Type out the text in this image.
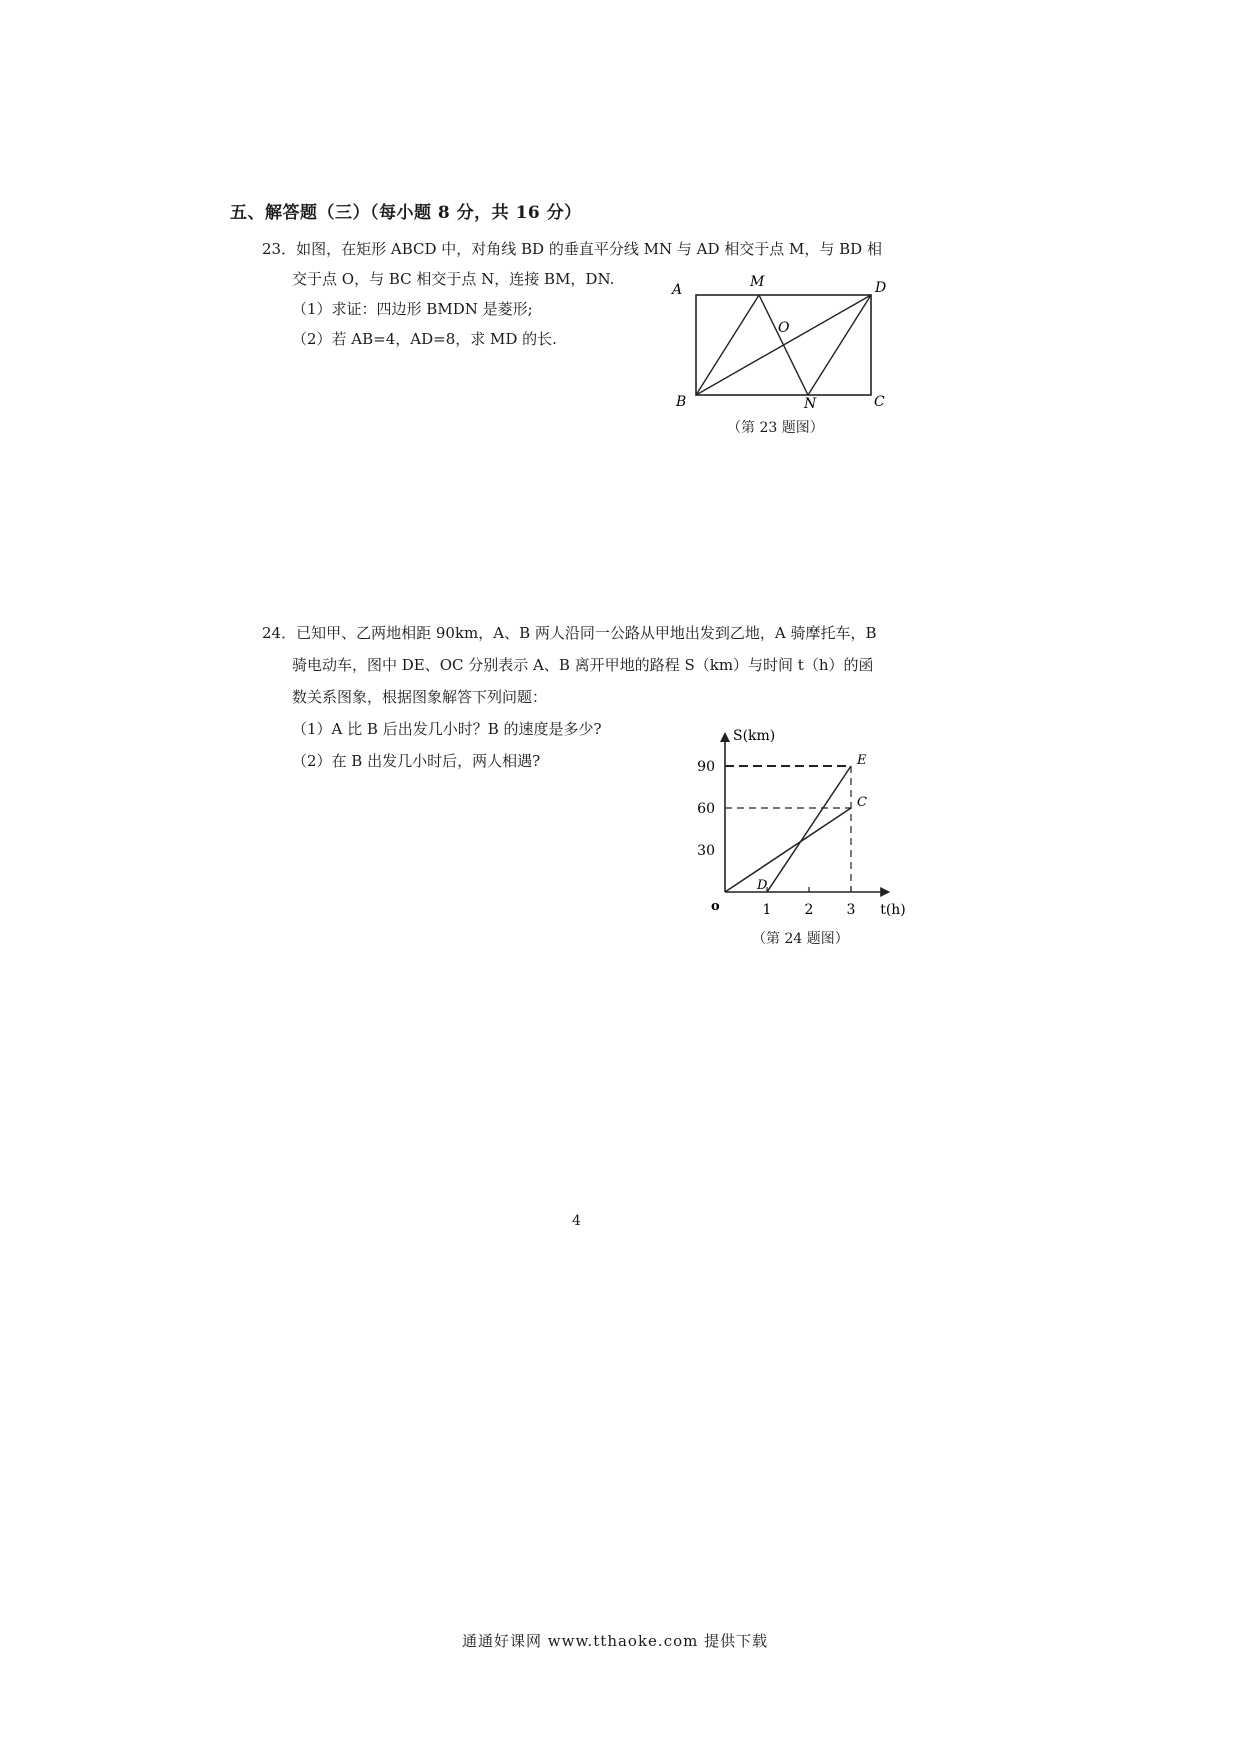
五、解答题（三）（每小题 8 分，共 16 分）
23．如图，在矩形 ABCD 中，对角线 BD 的垂直平分线 MN 与 AD 相交于点 M，与 BD 相
交于点 O，与 BC 相交于点 N，连接 BM，DN.
（1）求证：四边形 BMDN 是菱形;
（2）若 AB=4，AD=8，求 MD 的长.
A	M	D
O
B	N	C
（第 23 题图）
24．已知甲、乙两地相距 90km，A、B 两人沿同一公路从甲地出发到乙地，A 骑摩托车，B
骑电动车，图中 DE、OC 分别表示 A、B 离开甲地的路程 S（km）与时间 t（h）的函
数关系图象，根据图象解答下列问题：
（1）A 比 B 后出发几小时？B 的速度是多少?
（2）在 B 出发几小时后，两人相遇?
D
E
C
1 2 3
30
60
90
S(km)
t(h)
o
（第 24 题图）
4
通通好课网 www.tthaoke.com 提供下载
